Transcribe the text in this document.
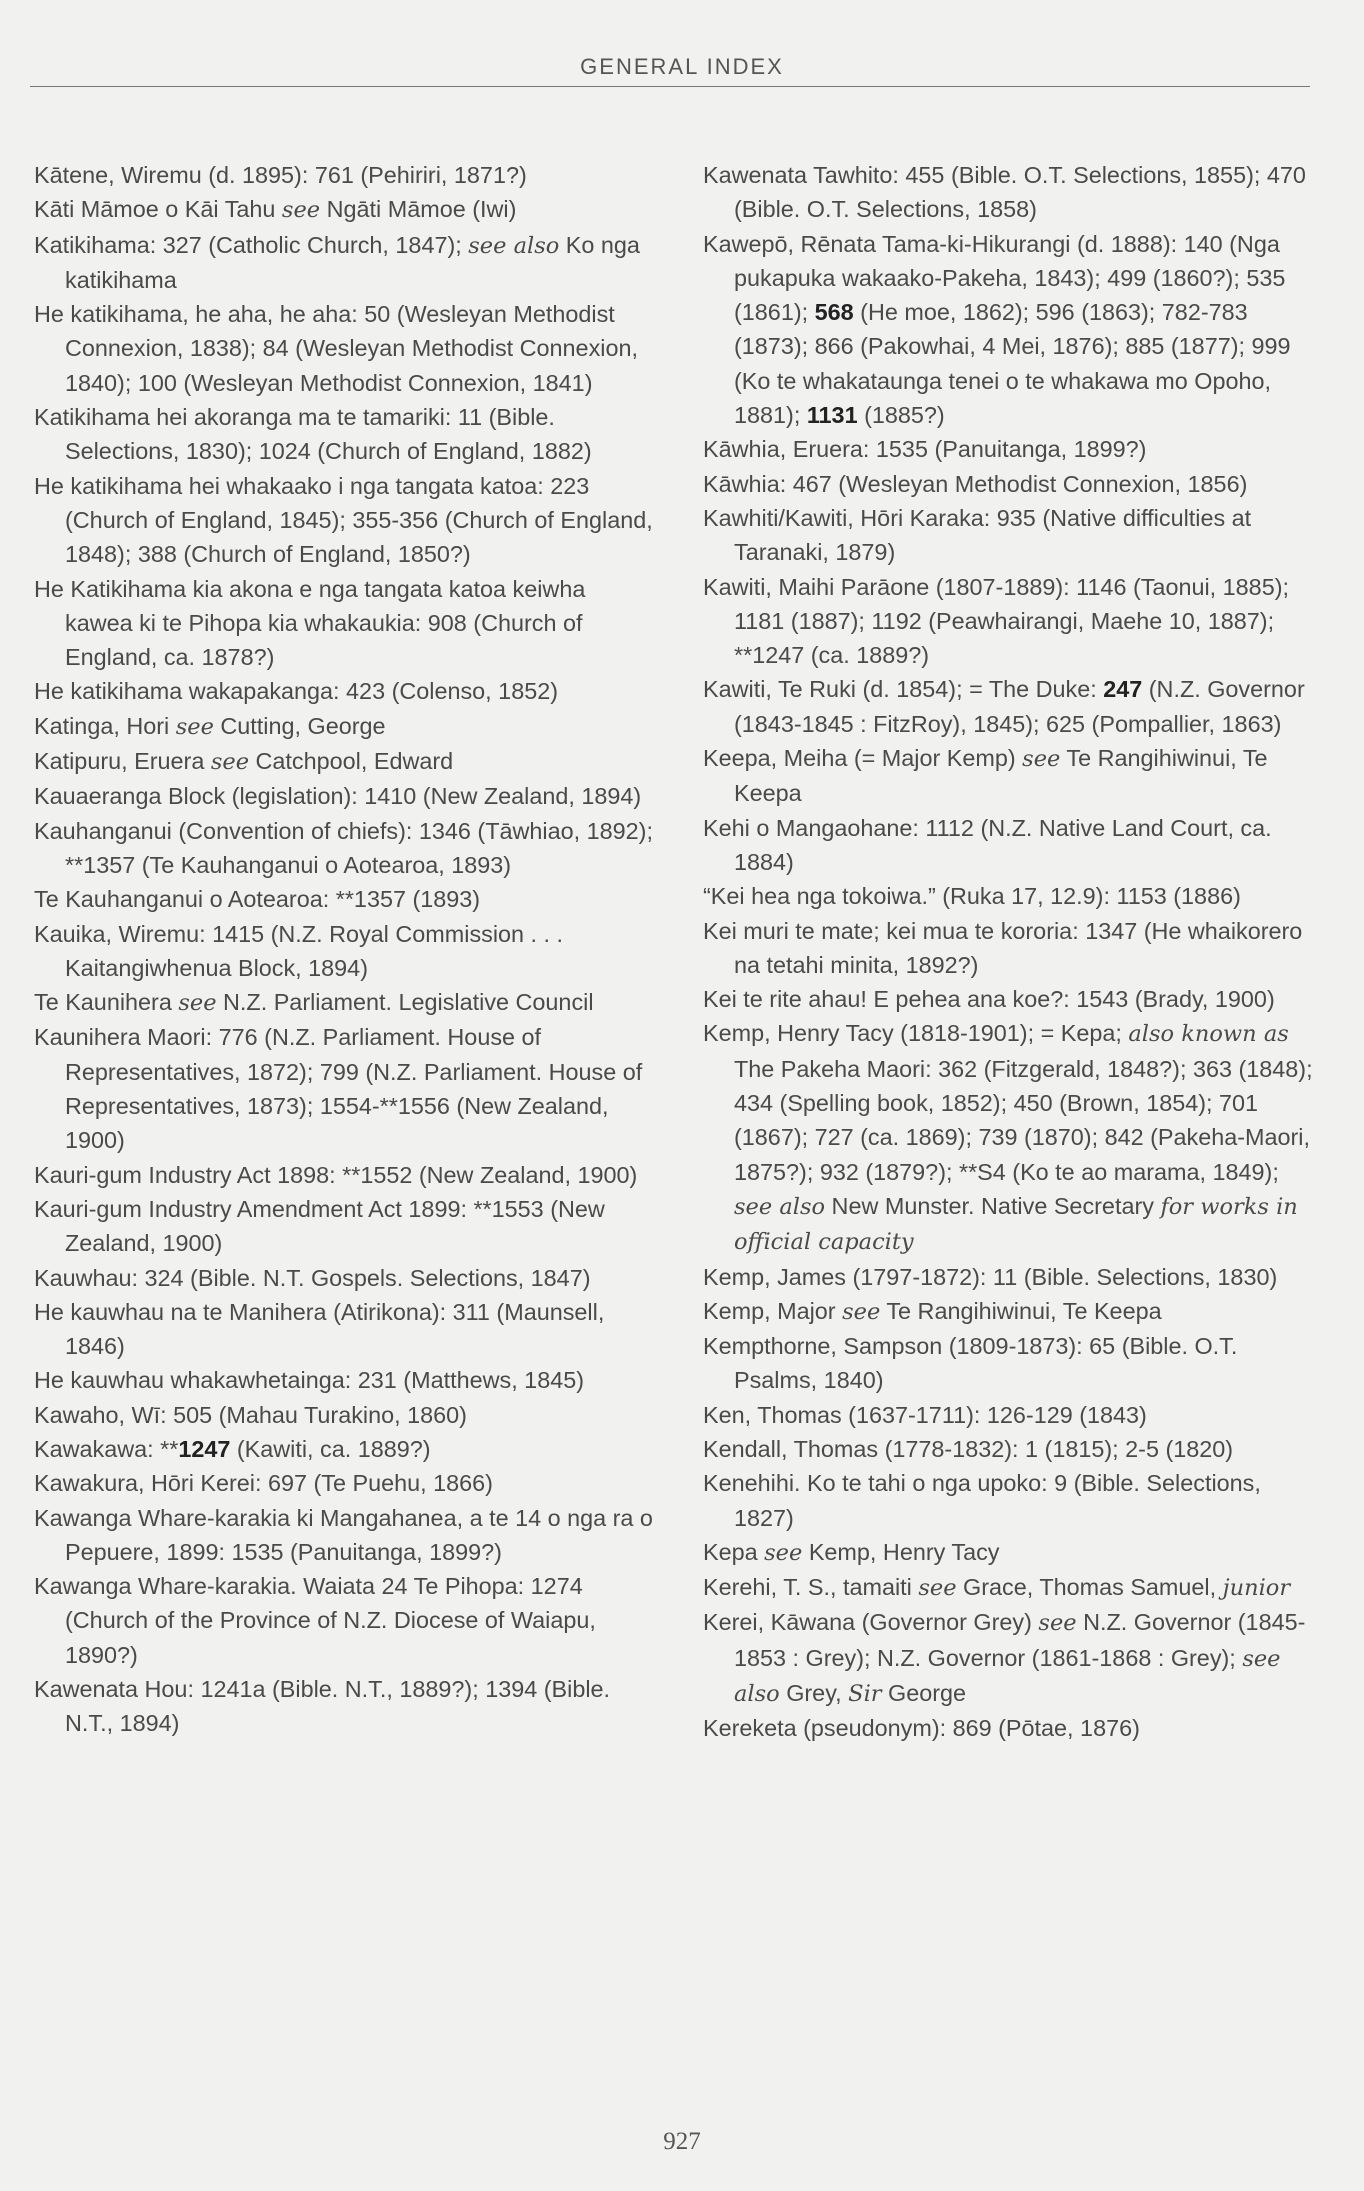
GENERAL INDEX

Kātene, Wiremu (d. 1895): 761 (Pehiriri, 1871?)

Kāti Māmoe o Kāi Tahu see Ngāti Māmoe (Iwi)

Katikihama: 327 (Catholic Church, 1847); see also Ko nga katikihama

He katikihama, he aha, he aha: 50 (Wesleyan Methodist Connexion, 1838); 84 (Wesleyan Methodist Connexion, 1840); 100 (Wesleyan Methodist Connexion, 1841)

Katikihama hei akoranga ma te tamariki: 11 (Bible. Selections, 1830); 1024 (Church of England, 1882)

He katikihama hei whakaako i nga tangata katoa: 223 (Church of England, 1845); 355-356 (Church of England, 1848); 388 (Church of England, 1850?)

He Katikihama kia akona e nga tangata katoa keiwha kawea ki te Pihopa kia whakaukia: 908 (Church of England, ca. 1878?)

He katikihama wakapakanga: 423 (Colenso, 1852)

Katinga, Hori see Cutting, George

Katipuru, Eruera see Catchpool, Edward

Kauaeranga Block (legislation): 1410 (New Zealand, 1894)

Kauhanganui (Convention of chiefs): 1346 (Tāwhiao, 1892); **1357 (Te Kauhanganui o Aotearoa, 1893)

Te Kauhanganui o Aotearoa: **1357 (1893)

Kauika, Wiremu: 1415 (N.Z. Royal Commission . . . Kaitangiwhenua Block, 1894)

Te Kaunihera see N.Z. Parliament. Legislative Council

Kaunihera Maori: 776 (N.Z. Parliament. House of Representatives, 1872); 799 (N.Z. Parliament. House of Representatives, 1873); 1554-**1556 (New Zealand, 1900)

Kauri-gum Industry Act 1898: **1552 (New Zealand, 1900)

Kauri-gum Industry Amendment Act 1899: **1553 (New Zealand, 1900)

Kauwhau: 324 (Bible. N.T. Gospels. Selections, 1847)

He kauwhau na te Manihera (Atirikona): 311 (Maunsell, 1846)

He kauwhau whakawhetainga: 231 (Matthews, 1845)

Kawaho, Wī: 505 (Mahau Turakino, 1860)

Kawakawa: **1247 (Kawiti, ca. 1889?)

Kawakura, Hōri Kerei: 697 (Te Puehu, 1866)

Kawanga Whare-karakia ki Mangahanea, a te 14 o nga ra o Pepuere, 1899: 1535 (Panuitanga, 1899?)

Kawanga Whare-karakia. Waiata 24 Te Pihopa: 1274 (Church of the Province of N.Z. Diocese of Waiapu, 1890?)

Kawenata Hou: 1241a (Bible. N.T., 1889?); 1394 (Bible. N.T., 1894)

Kawenata Tawhito: 455 (Bible. O.T. Selections, 1855); 470 (Bible. O.T. Selections, 1858)

Kawepō, Rēnata Tama-ki-Hikurangi (d. 1888): 140 (Nga pukapuka wakaako-Pakeha, 1843); 499 (1860?); 535 (1861); 568 (He moe, 1862); 596 (1863); 782-783 (1873); 866 (Pakowhai, 4 Mei, 1876); 885 (1877); 999 (Ko te whakataunga tenei o te whakawa mo Opoho, 1881); 1131 (1885?)

Kāwhia, Eruera: 1535 (Panuitanga, 1899?)

Kāwhia: 467 (Wesleyan Methodist Connexion, 1856)

Kawhiti/Kawiti, Hōri Karaka: 935 (Native difficulties at Taranaki, 1879)

Kawiti, Maihi Parāone (1807-1889): 1146 (Taonui, 1885); 1181 (1887); 1192 (Peawhairangi, Maehe 10, 1887); **1247 (ca. 1889?)

Kawiti, Te Ruki (d. 1854); = The Duke: 247 (N.Z. Governor (1843-1845 : FitzRoy), 1845); 625 (Pompallier, 1863)

Keepa, Meiha (= Major Kemp) see Te Rangihiwinui, Te Keepa

Kehi o Mangaohane: 1112 (N.Z. Native Land Court, ca. 1884)

“Kei hea nga tokoiwa.” (Ruka 17, 12.9): 1153 (1886)

Kei muri te mate; kei mua te kororia: 1347 (He whaikorero na tetahi minita, 1892?)

Kei te rite ahau! E pehea ana koe?: 1543 (Brady, 1900)

Kemp, Henry Tacy (1818-1901); = Kepa; also known as The Pakeha Maori: 362 (Fitzgerald, 1848?); 363 (1848); 434 (Spelling book, 1852); 450 (Brown, 1854); 701 (1867); 727 (ca. 1869); 739 (1870); 842 (Pakeha-Maori, 1875?); 932 (1879?); **S4 (Ko te ao marama, 1849); see also New Munster. Native Secretary for works in official capacity

Kemp, James (1797-1872): 11 (Bible. Selections, 1830)

Kemp, Major see Te Rangihiwinui, Te Keepa

Kempthorne, Sampson (1809-1873): 65 (Bible. O.T. Psalms, 1840)

Ken, Thomas (1637-1711): 126-129 (1843)

Kendall, Thomas (1778-1832): 1 (1815); 2-5 (1820)

Kenehihi. Ko te tahi o nga upoko: 9 (Bible. Selections, 1827)

Kepa see Kemp, Henry Tacy

Kerehi, T. S., tamaiti see Grace, Thomas Samuel, junior

Kerei, Kāwana (Governor Grey) see N.Z. Governor (1845-1853 : Grey); N.Z. Governor (1861-1868 : Grey); see also Grey, Sir George

Kereketa (pseudonym): 869 (Pōtae, 1876)

927
